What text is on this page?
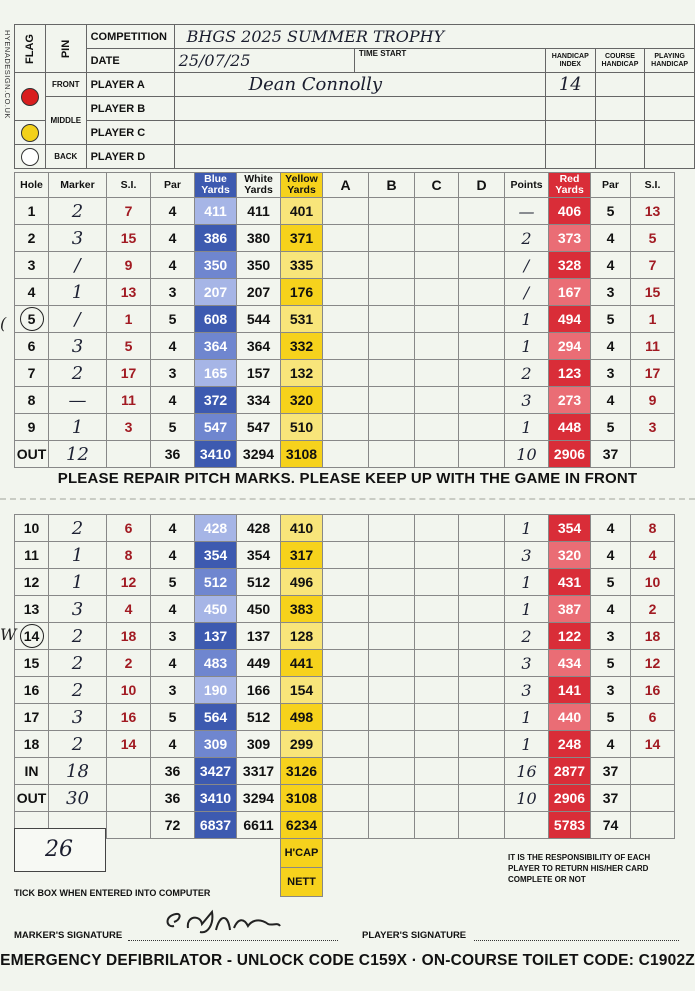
HYENADESIGN.CO.UK FLAG	PIN	COMPETITION	BHGS 2025 SUMMER TROPHY				
		DATE	25/07/25	TIME START	HANDICAP INDEX	COURSE HANDICAP	PLAYING HANDICAP
	FRONT	PLAYER A	Dean Connolly		14		
	MIDDLE	PLAYER B					
		PLAYER C					
	BACK	PLAYER D					
Hole	Marker	S.I.	Par	Blue Yards	White Yards	Yellow Yards	A	B	C	D	Points	Red Yards	Par	S.I.
1	2	7	4	411	411	401					—	406	5	13
2	3	15	4	386	380	371					2	373	4	5
3	/	9	4	350	350	335					/	328	4	7
4	1	13	3	207	207	176					/	167	3	15
5	/	1	5	608	544	531					1	494	5	1
6	3	5	4	364	364	332					1	294	4	11
7	2	17	3	165	157	132					2	123	3	17
8	—	11	4	372	334	320					3	273	4	9
9	1	3	5	547	547	510					1	448	5	3
OUT	12		36	3410	3294	3108					10	2906	37	
PLEASE REPAIR PITCH MARKS. PLEASE KEEP UP WITH THE GAME IN FRONT
10	2	6	4	428	428	410					1	354	4	8
11	1	8	4	354	354	317					3	320	4	4
12	1	12	5	512	512	496					1	431	5	10
13	3	4	4	450	450	383					1	387	4	2
14	2	18	3	137	137	128					2	122	3	18
15	2	2	4	483	449	441					3	434	5	12
16	2	10	3	190	166	154					3	141	3	16
17	3	16	5	564	512	498					1	440	5	6
18	2	14	4	309	309	299					1	248	4	14
IN	18		36	3427	3317	3126					16	2877	37	
OUT	30		36	3410	3294	3108					10	2906	37	
			72	6837	6611	6234						5783	74	
						H'CAP								
						NETT								
(
W
26
TICK BOX WHEN ENTERED INTO COMPUTER
IT IS THE RESPONSIBILITY OF EACH PLAYER TO RETURN HIS/HER CARD COMPLETE OR NOT
MARKER'S SIGNATURE	PLAYER'S SIGNATURE
EMERGENCY DEFIBRILATOR - UNLOCK CODE C159X · ON-COURSE TOILET CODE: C1902Z
